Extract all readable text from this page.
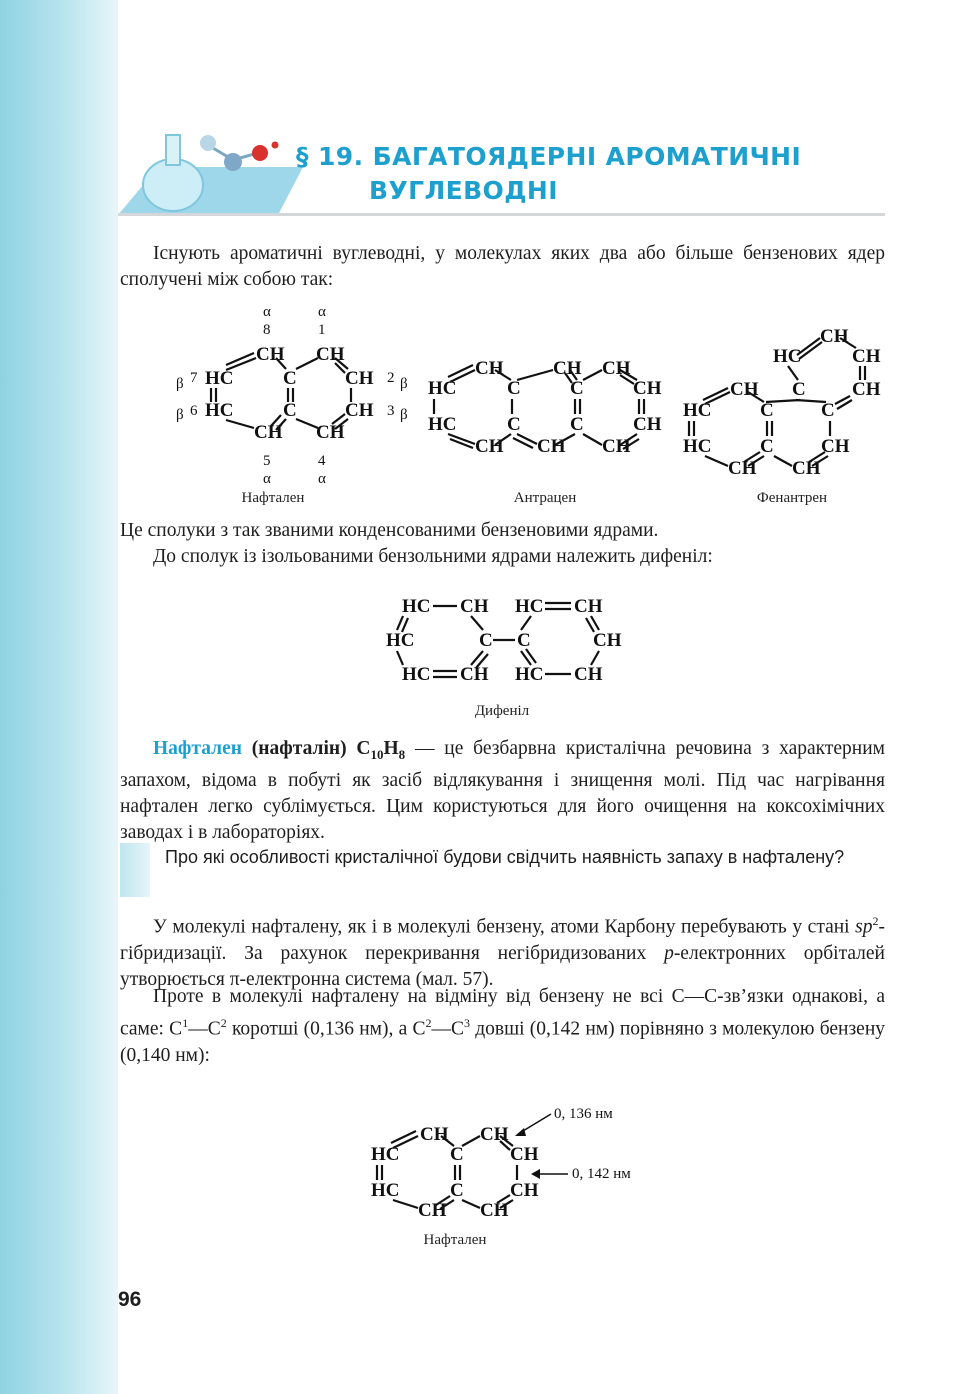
§ 19. БАГАТОЯДЕРНІ АРОМАТИЧНІ
ВУГЛЕВОДНІ

Існують ароматичні вуглеводні, у молекулах яких два або більше бензенових ядер сполучені між собою так:

α	α
8	1
CH CH
β 7 HC	C	CH 2 β
β 6 HC	C	CH 3 β
CH CH
5	4
α	α
Нафтален
CH	CH CH
HC	C	C	CH
HC	C	C	CH
CH CH CH
Антрацен
CH
HC	CH
CH C CH
HC	C C
HC	C CH
CH CH
Фенантрен

Це сполуки з так званими конденсованими бензеновими ядрами.

До сполук із ізольованими бензольними ядрами належить дифеніл:

HC CH HC CH
HC	C C	CH
HC CH HC CH
Дифеніл

Нафтален (нафталін) $C_{10}H_8$ — це безбарвна кристалічна речовина з характерним запахом, відома в побуті як засіб відлякування і знищення молі. Під час нагрівання нафтален легко сублімується. Цим користуються для його очищення на коксохімічних заводах і в лабораторіях.

Про які особливості кристалічної будови свідчить наявність запаху в нафталену?

У молекулі нафталену, як і в молекулі бензену, атоми Карбону перебувають у стані $sp^2$-гібридизації. За рахунок перекривання негібридизованих p-електронних орбіталей утворюється π-електронна система (мал. 57).

Проте в молекулі нафталену на відміну від бензену не всі C—C-зв’язки однакові, а саме: $C^1—C^2$ коротші (0,136 нм), а $C^2—C^3$ довші (0,142 нм) порівняно з молекулою бензену (0,140 нм):

0, 136 нм
0, 142 нм
CH CH
HC	C CH
HC	C CH
CH CH
Нафтален
96
